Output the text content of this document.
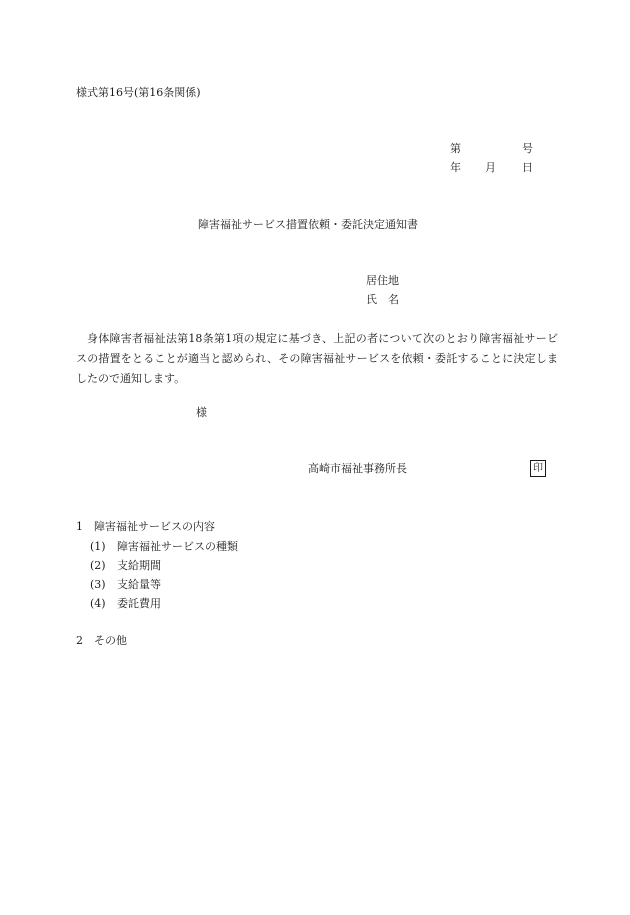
様式第16号(第16条関係)
第	号
年 月 日
障害福祉サービス措置依頼・委託決定通知書
居住地
氏　名

身体障害者福祉法第18条第1項の規定に基づき、上記の者について次のとおり障害福祉サービスの措置をとることが適当と認められ、その障害福祉サービスを依頼・委託することに決定しましたので通知します。

様
高崎市福祉事務所長	印
1 障害福祉サービスの内容
(1) 障害福祉サービスの種類
(2) 支給期間
(3) 支給量等
(4) 委託費用
2 その他
